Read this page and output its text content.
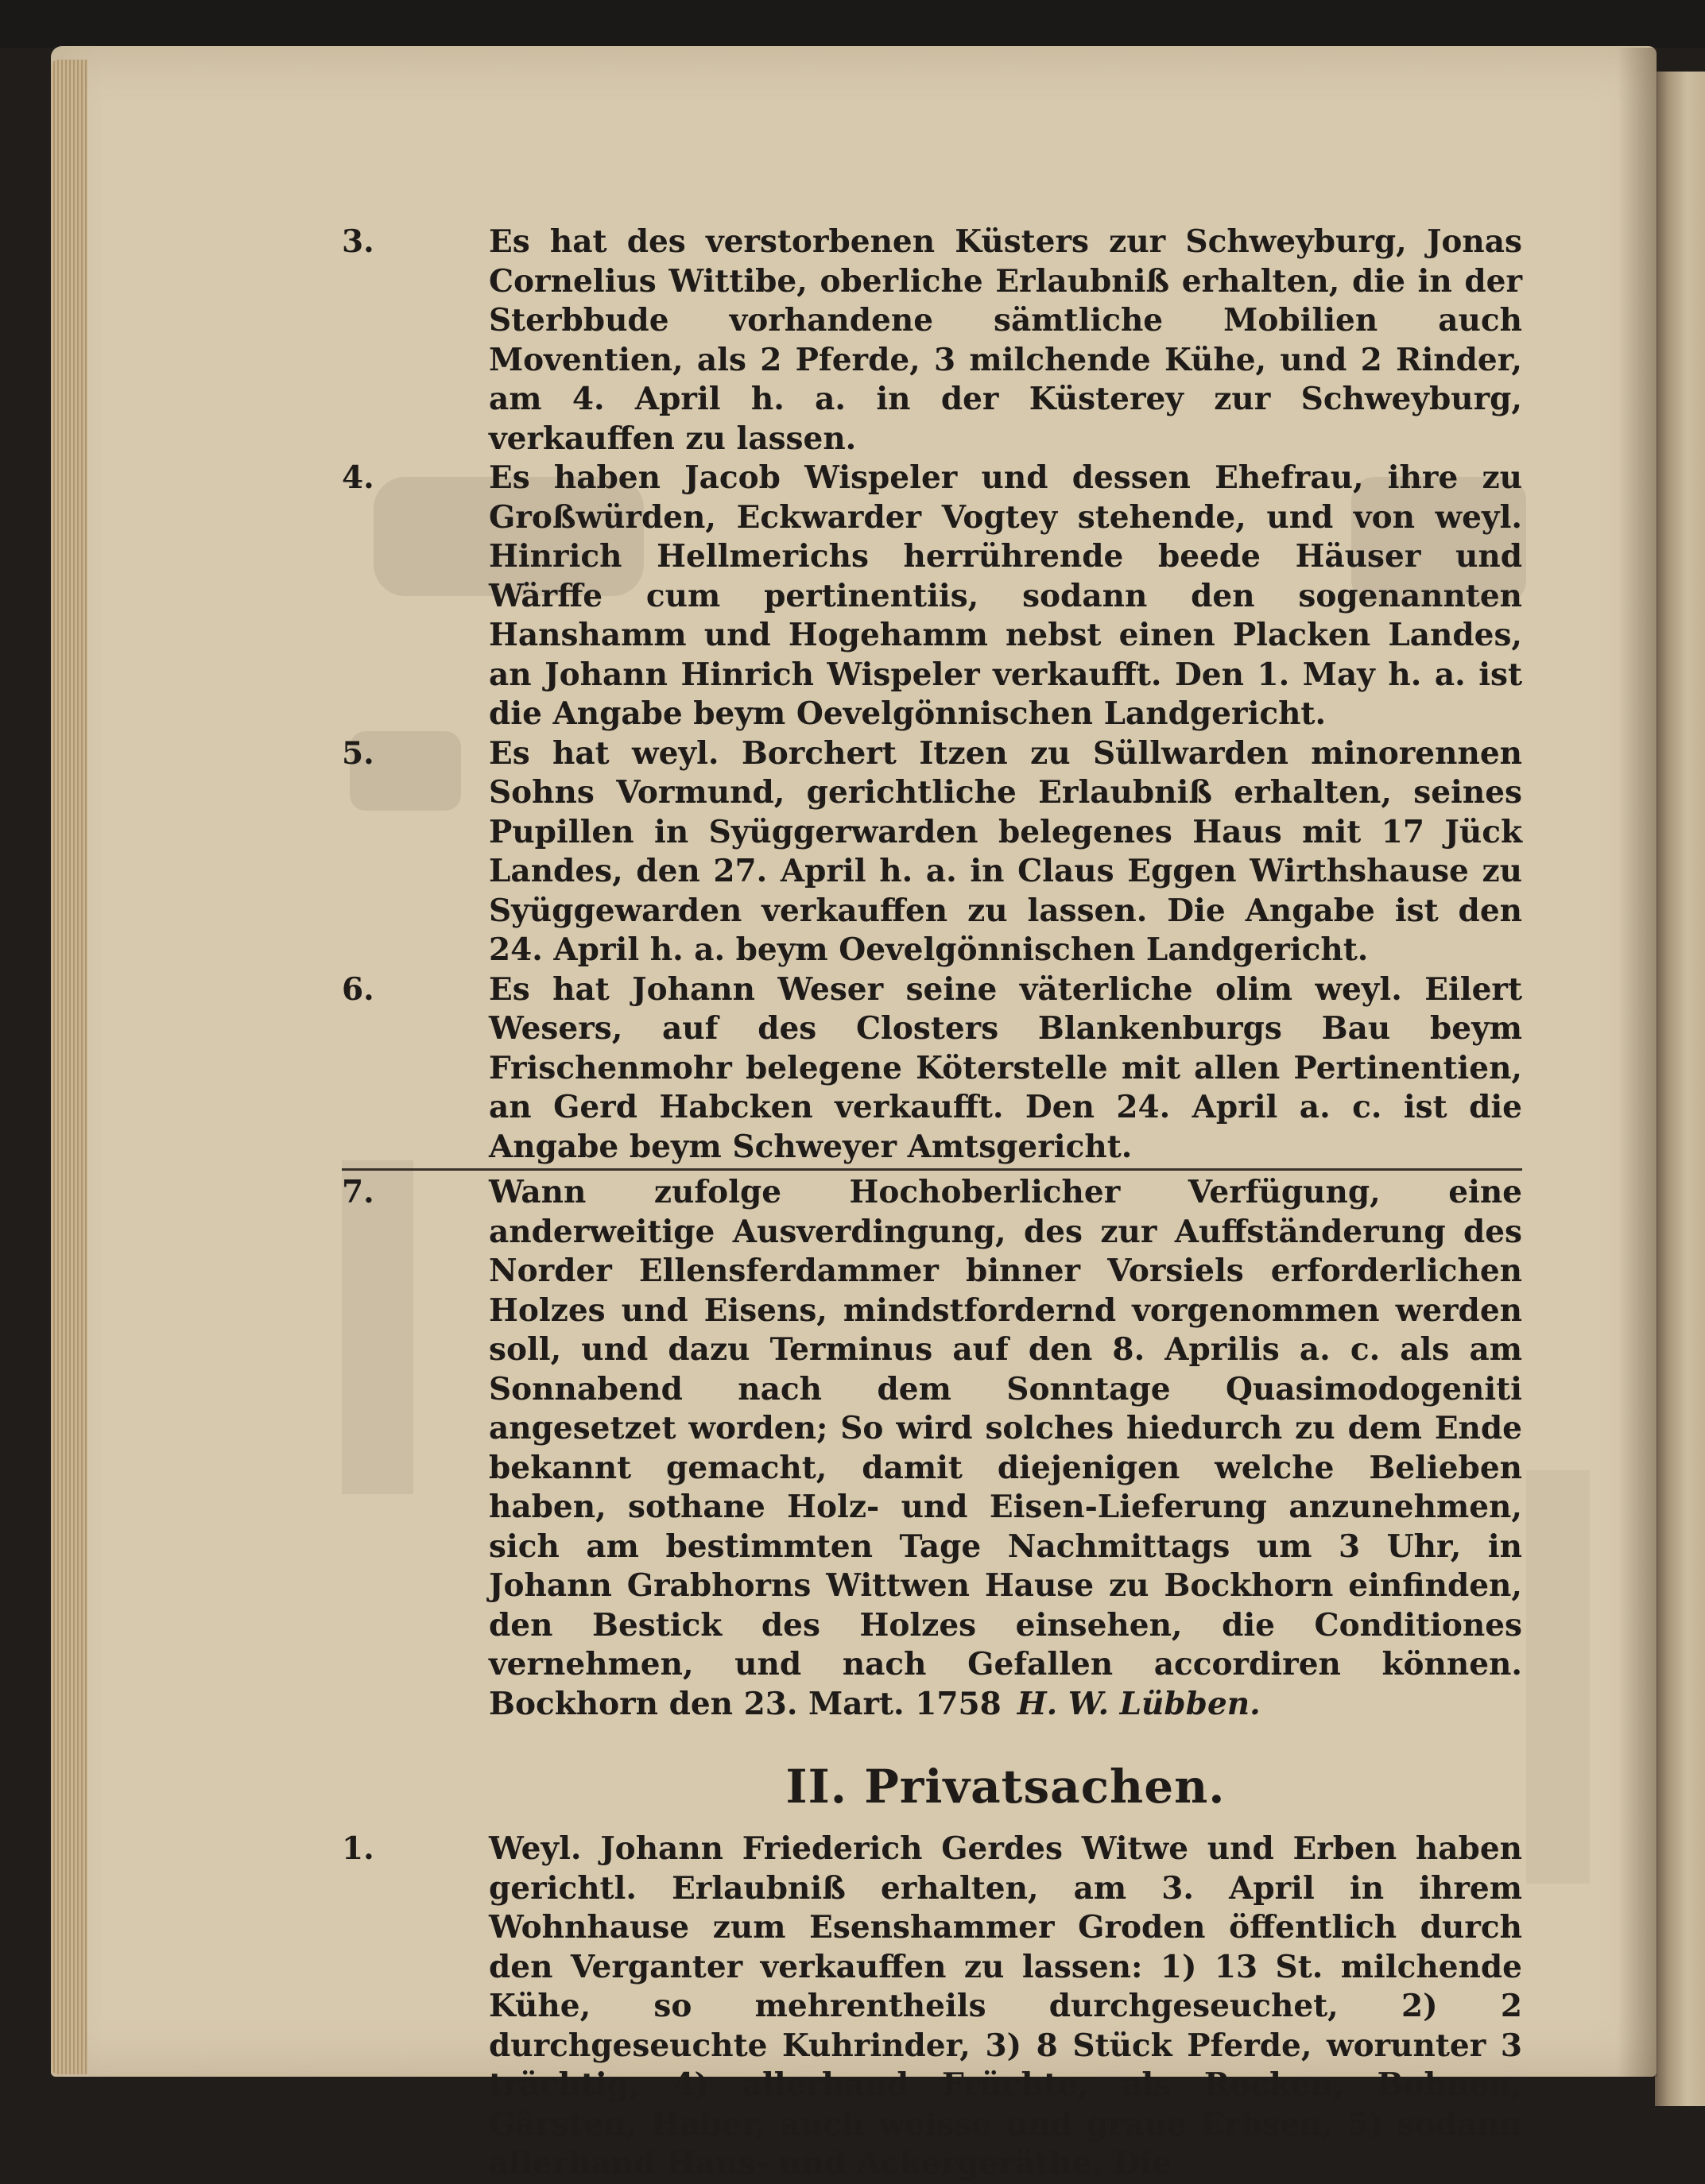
3.	Es hat des verstorbenen Küsters zur Schweyburg, Jonas Cornelius Wittibe, oberliche Erlaubniß erhalten, die in der Sterbbude vorhandene sämtliche Mobilien auch Moventien, als 2 Pferde, 3 milchende Kühe, und 2 Rinder, am 4. April h. a. in der Küsterey zur Schweyburg, verkauffen zu lassen.
4.	Es haben Jacob Wispeler und dessen Ehefrau, ihre zu Großwürden, Eckwarder Vogtey stehende, und von weyl. Hinrich Hellmerichs herrührende beede Häuser und Wärffe cum pertinentiis, sodann den sogenannten Hanshamm und Hogehamm nebst einen Placken Landes, an Johann Hinrich Wispeler verkaufft. Den 1. May h. a. ist die Angabe beym Oevelgönnischen Landgericht.
5.	Es hat weyl. Borchert Itzen zu Süllwarden minorennen Sohns Vormund, gerichtliche Erlaubniß erhalten, seines Pupillen in Syüggerwarden belegenes Haus mit 17 Jück Landes, den 27. April h. a. in Claus Eggen Wirthshause zu Syüggewarden verkauffen zu lassen. Die Angabe ist den 24. April h. a. beym Oevelgönnischen Landgericht.
6.	Es hat Johann Weser seine väterliche olim weyl. Eilert Wesers, auf des Closters Blankenburgs Bau beym Frischenmohr belegene Köterstelle mit allen Pertinentien, an Gerd Habcken verkaufft. Den 24. April a. c. ist die Angabe beym Schweyer Amtsgericht.
7.	Wann zufolge Hochoberlicher Verfügung, eine anderweitige Ausverdingung, des zur Auffständerung des Norder Ellensferdammer binner Vorsiels erforderlichen Holzes und Eisens, mindstfordernd vorgenommen werden soll, und dazu Terminus auf den 8. Aprilis a. c. als am Sonnabend nach dem Sonntage Quasimodogeniti angesetzet worden; So wird solches hiedurch zu dem Ende bekannt gemacht, damit diejenigen welche Belieben haben, sothane Holz- und Eisen-Lieferung anzunehmen, sich am bestimmten Tage Nachmittags um 3 Uhr, in Johann Grabhorns Wittwen Hause zu Bockhorn einfinden, den Bestick des Holzes einsehen, die Conditiones vernehmen, und nach Gefallen accordiren können. Bockhorn den 23. Mart. 1758 H. W. Lübben.
II. Privatsachen.
1.	Weyl. Johann Friederich Gerdes Witwe und Erben haben gerichtl. Erlaubniß erhalten, am 3. April in ihrem Wohnhause zum Esenshammer Groden öffentlich durch den Verganter verkauffen zu lassen: 1) 13 St. milchende Kühe, so mehrentheils durchgeseuchet, 2) 2 durchgeseuchte Kuhrinder, 3) 8 Stück Pferde, worunter 3 trächtig, 4) allerhand Früchte, als Rocken, Bohnen, Gärsten, Haber, auch weisse und graue Erbsen, 5) sodann allerhand Haus- und Ackergeräthe. Die
